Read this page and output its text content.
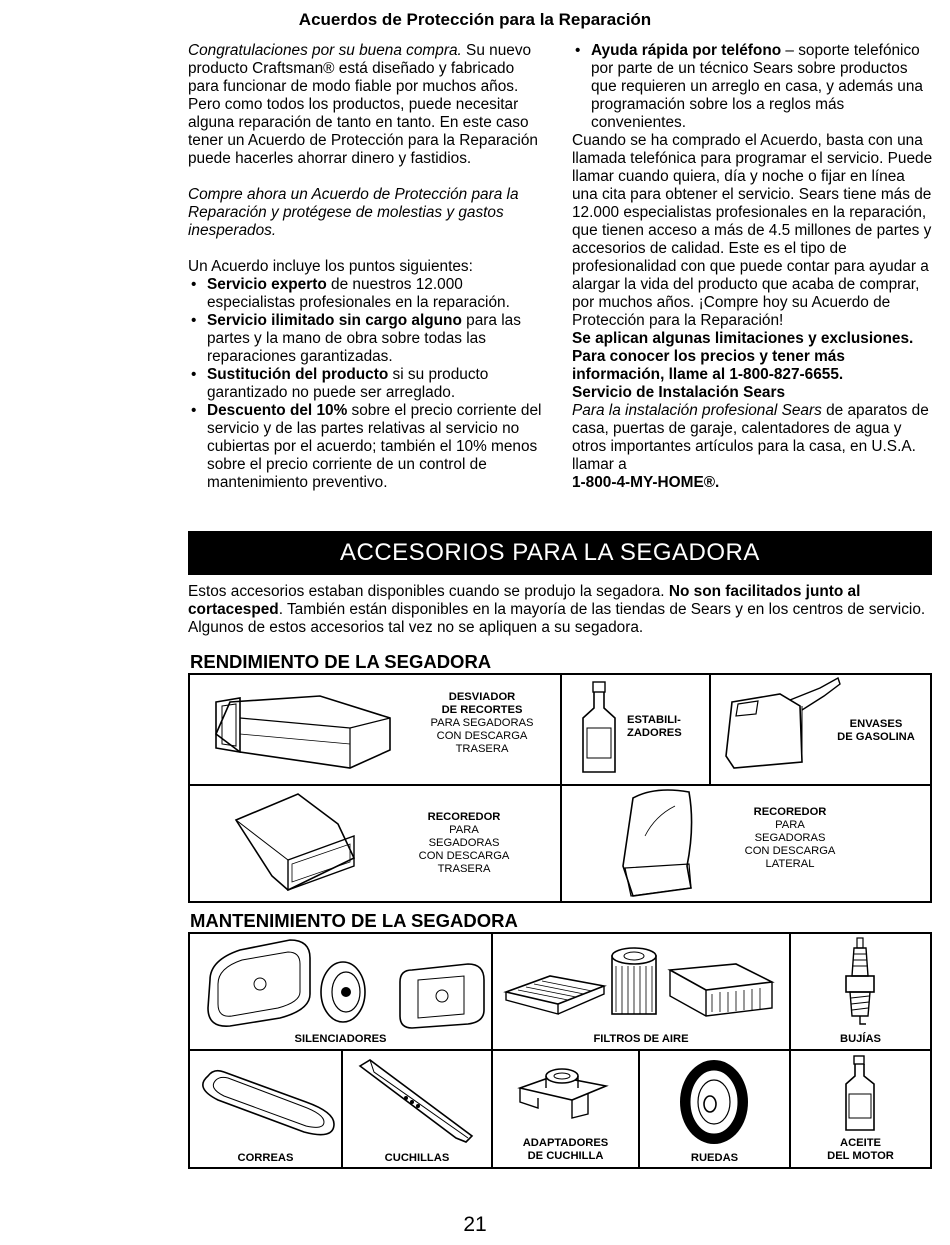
Acuerdos de Protección para la Reparación

Congratulaciones por su buena compra. Su nuevo producto Craftsman® está diseñado y fabricado para funcionar de modo fiable por muchos años. Pero como todos los productos, puede necesitar alguna reparación de tanto en tanto. En este caso tener un Acuerdo de Protección para la Reparación puede hacerles ahorrar dinero y fastidios.

Compre ahora un Acuerdo de Protección para la Reparación y protégese de molestias y gastos inesperados.

Un Acuerdo incluye los puntos siguientes:

• Servicio experto de nuestros 12.000 especialistas profesionales en la reparación.
• Servicio ilimitado sin cargo alguno para las partes y la mano de obra sobre todas las reparaciones garantizadas.
• Sustitución del producto si su producto garantizado no puede ser arreglado.
• Descuento del 10% sobre el precio corriente del servicio y de las partes relativas al servicio no cubiertas por el acuerdo; también el 10% menos sobre el precio corriente de un control de mantenimiento preventivo.
• Ayuda rápida por teléfono – soporte telefónico por parte de un técnico Sears sobre productos que requieren un arreglo en casa, y además una programación sobre los a reglos más convenientes.

Cuando se ha comprado el Acuerdo, basta con una llamada telefónica para programar el servicio. Puede llamar cuando quiera, día y noche o fijar en línea una cita para obtener el servicio. Sears tiene más de 12.000 especialistas profesionales en la reparación, que tienen acceso a más de 4.5 millones de partes y accesorios de calidad. Este es el tipo de profesionalidad con que puede contar para ayudar a alargar la vida del producto que acaba de comprar, por muchos años. ¡Compre hoy su Acuerdo de Protección para la Reparación!

Se aplican algunas limitaciones y exclusiones. Para conocer los precios y tener más información, llame al 1-800-827-6655.

Servicio de Instalación Sears

Para la instalación profesional Sears de aparatos de casa, puertas de garaje, calentadores de agua y otros importantes artículos para la casa, en U.S.A. llamar a
1-800-4-MY-HOME®.

ACCESORIOS PARA LA SEGADORA

Estos accesorios estaban disponibles cuando se produjo la segadora. No son facilitados junto al cortacesped. También están disponibles en la mayoría de las tiendas de Sears y en los centros de servicio. Algunos de estos accesorios tal vez no se apliquen a su segadora.

RENDIMIENTO DE LA SEGADORA
DESVIADOR
DE RECORTES
PARA SEGADORAS
CON DESCARGA
TRASERA
ESTABILI-
ZADORES
ENVASES
DE GASOLINA
RECOREDOR
PARA
SEGADORAS
CON DESCARGA
TRASERA
RECOREDOR
PARA
SEGADORAS
CON DESCARGA
LATERAL
MANTENIMIENTO DE LA SEGADORA
SILENCIADORES	FILTROS DE AIRE	BUJÍAS
CORREAS	CUCHILLAS
ADAPTADORES
DE CUCHILLA	RUEDAS
ACEITE
DEL MOTOR
21
